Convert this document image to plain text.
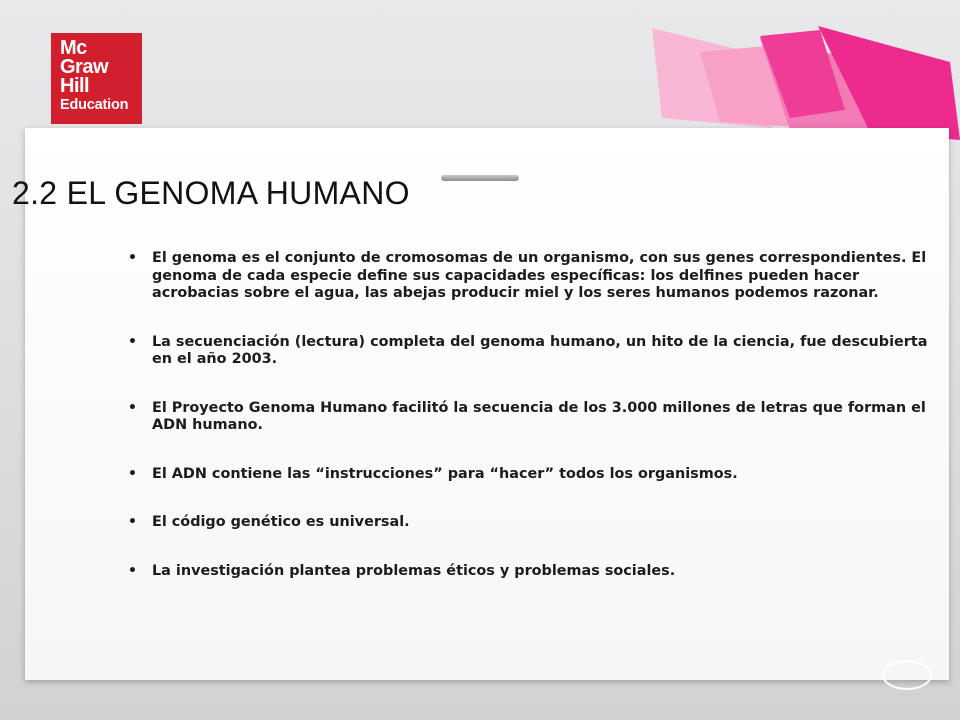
Mc
Graw
Hill
Education
2.2 EL GENOMA HUMANO
• El genoma es el conjunto de cromosomas de un organismo, con sus genes correspondientes. El genoma de cada especie define sus capacidades específicas: los delfines pueden hacer acrobacias sobre el agua, las abejas producir miel y los seres humanos podemos razonar.
• La secuenciación (lectura) completa del genoma humano, un hito de la ciencia, fue descubierta en el año 2003.
• El Proyecto Genoma Humano facilitó la secuencia de los 3.000 millones de letras que forman el ADN humano.
• El ADN contiene las “instrucciones” para “hacer” todos los organismos.
• El código genético es universal.
• La investigación plantea problemas éticos y problemas sociales.
